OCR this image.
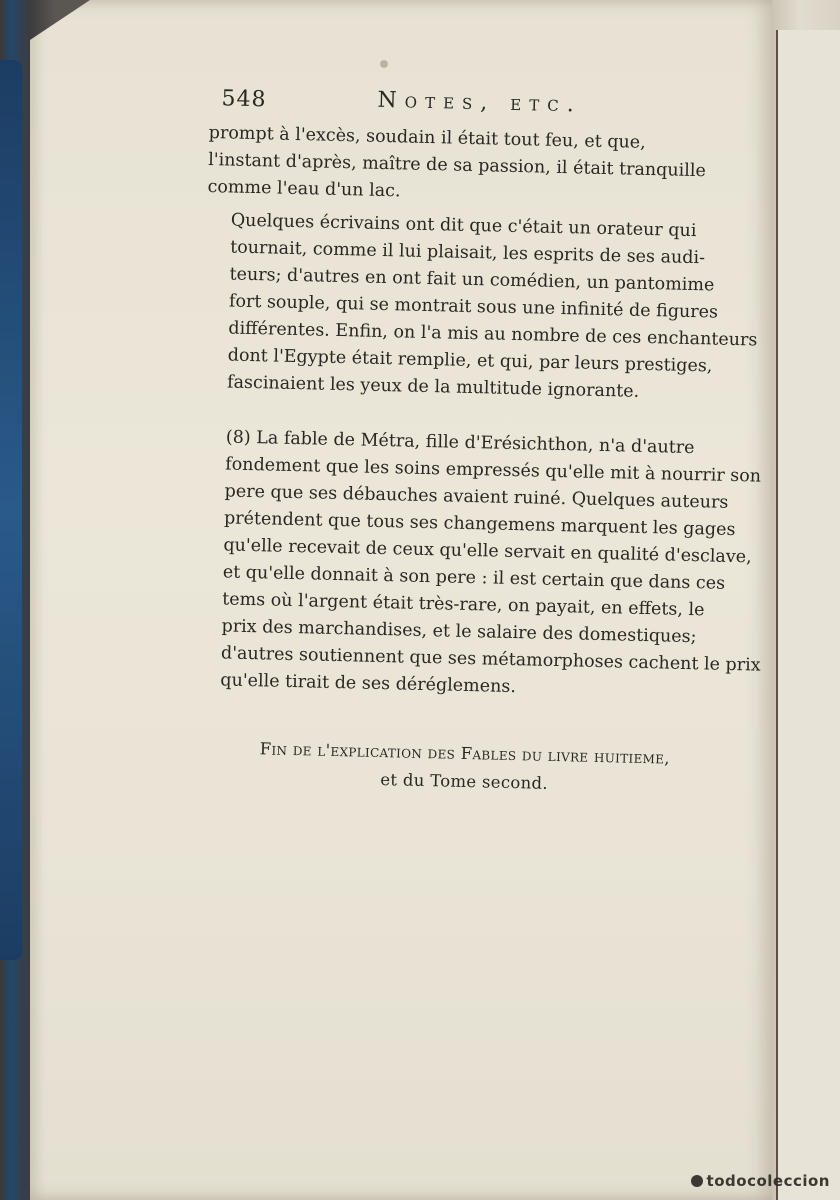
548	Notes, etc.

prompt à l'excès, soudain il était tout feu, et que,
l'instant d'après, maître de sa passion, il était tranquille
comme l'eau d'un lac.

Quelques écrivains ont dit que c'était un orateur qui
tournait, comme il lui plaisait, les esprits de ses audi-
teurs; d'autres en ont fait un comédien, un pantomime
fort souple, qui se montrait sous une infinité de figures
différentes. Enfin, on l'a mis au nombre de ces enchanteurs
dont l'Egypte était remplie, et qui, par leurs prestiges,
fascinaient les yeux de la multitude ignorante.

(8) La fable de Métra, fille d'Erésichthon, n'a d'autre
fondement que les soins empressés qu'elle mit à nourrir son
pere que ses débauches avaient ruiné. Quelques auteurs
prétendent que tous ses changemens marquent les gages
qu'elle recevait de ceux qu'elle servait en qualité d'esclave,
et qu'elle donnait à son pere : il est certain que dans ces
tems où l'argent était très-rare, on payait, en effets, le
prix des marchandises, et le salaire des domestiques;
d'autres soutiennent que ses métamorphoses cachent le prix
qu'elle tirait de ses déréglemens.

Fin de l'explication des Fables du livre huitieme,
et du Tome second.
todocoleccion
